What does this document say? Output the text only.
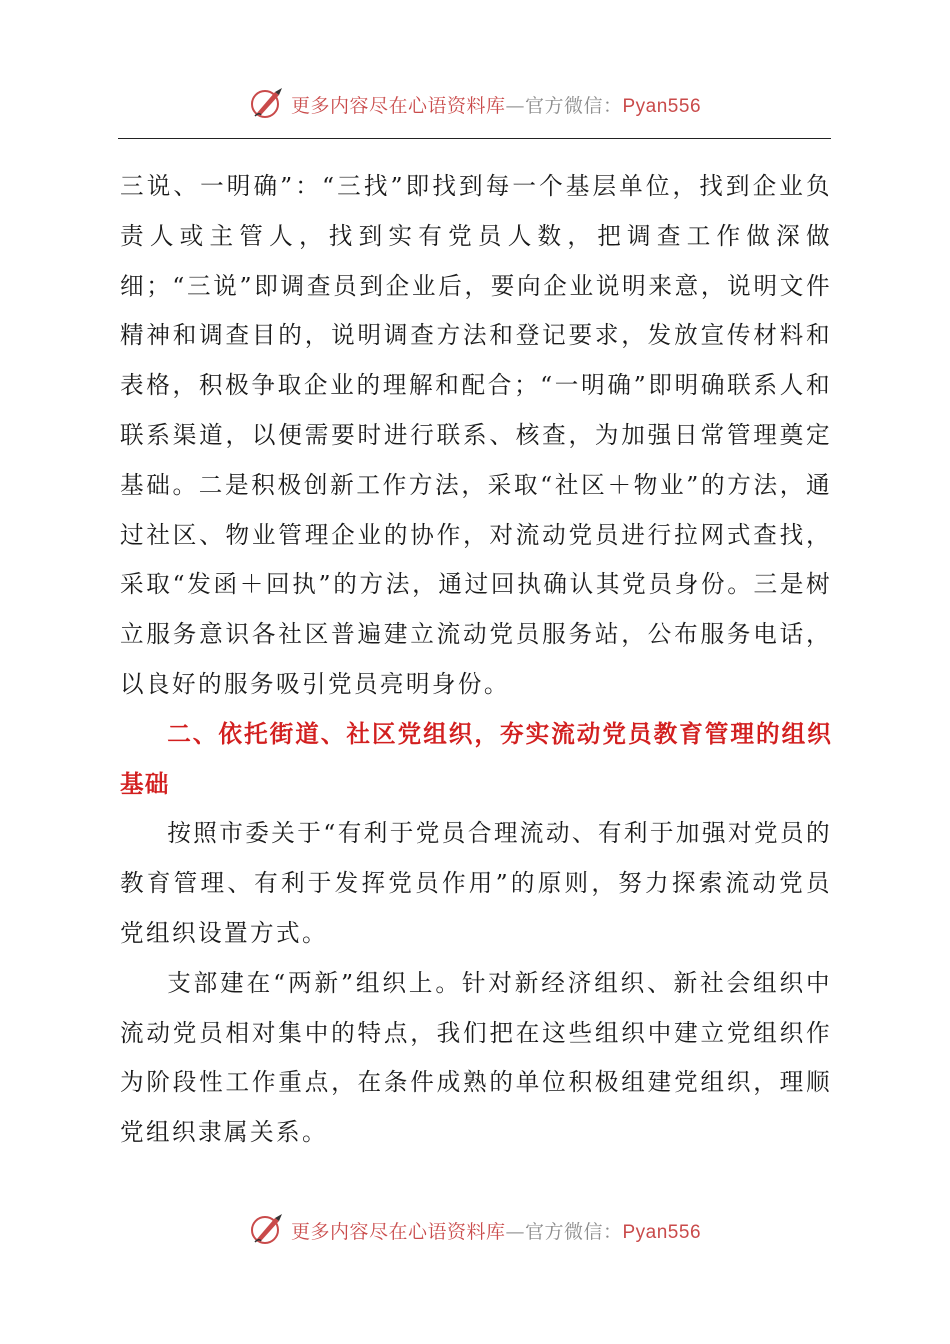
更多内容尽在心语资料库—官方微信：Pyan556

三说、一明确”：“三找”即找到每一个基层单位，找到企业负责人或主管人，找到实有党员人数，把调查工作做深做细；“三说”即调查员到企业后，要向企业说明来意，说明文件精神和调查目的，说明调查方法和登记要求，发放宣传材料和表格，积极争取企业的理解和配合；“一明确”即明确联系人和联系渠道，以便需要时进行联系、核查，为加强日常管理奠定基础。二是积极创新工作方法，采取“社区＋物业”的方法，通过社区、物业管理企业的协作，对流动党员进行拉网式查找，采取“发函＋回执”的方法，通过回执确认其党员身份。三是树立服务意识各社区普遍建立流动党员服务站，公布服务电话，以良好的服务吸引党员亮明身份。

二、依托街道、社区党组织，夯实流动党员教育管理的组织基础

按照市委关于“有利于党员合理流动、有利于加强对党员的教育管理、有利于发挥党员作用”的原则，努力探索流动党员党组织设置方式。

支部建在“两新”组织上。针对新经济组织、新社会组织中流动党员相对集中的特点，我们把在这些组织中建立党组织作为阶段性工作重点，在条件成熟的单位积极组建党组织，理顺党组织隶属关系。

更多内容尽在心语资料库—官方微信：Pyan556
